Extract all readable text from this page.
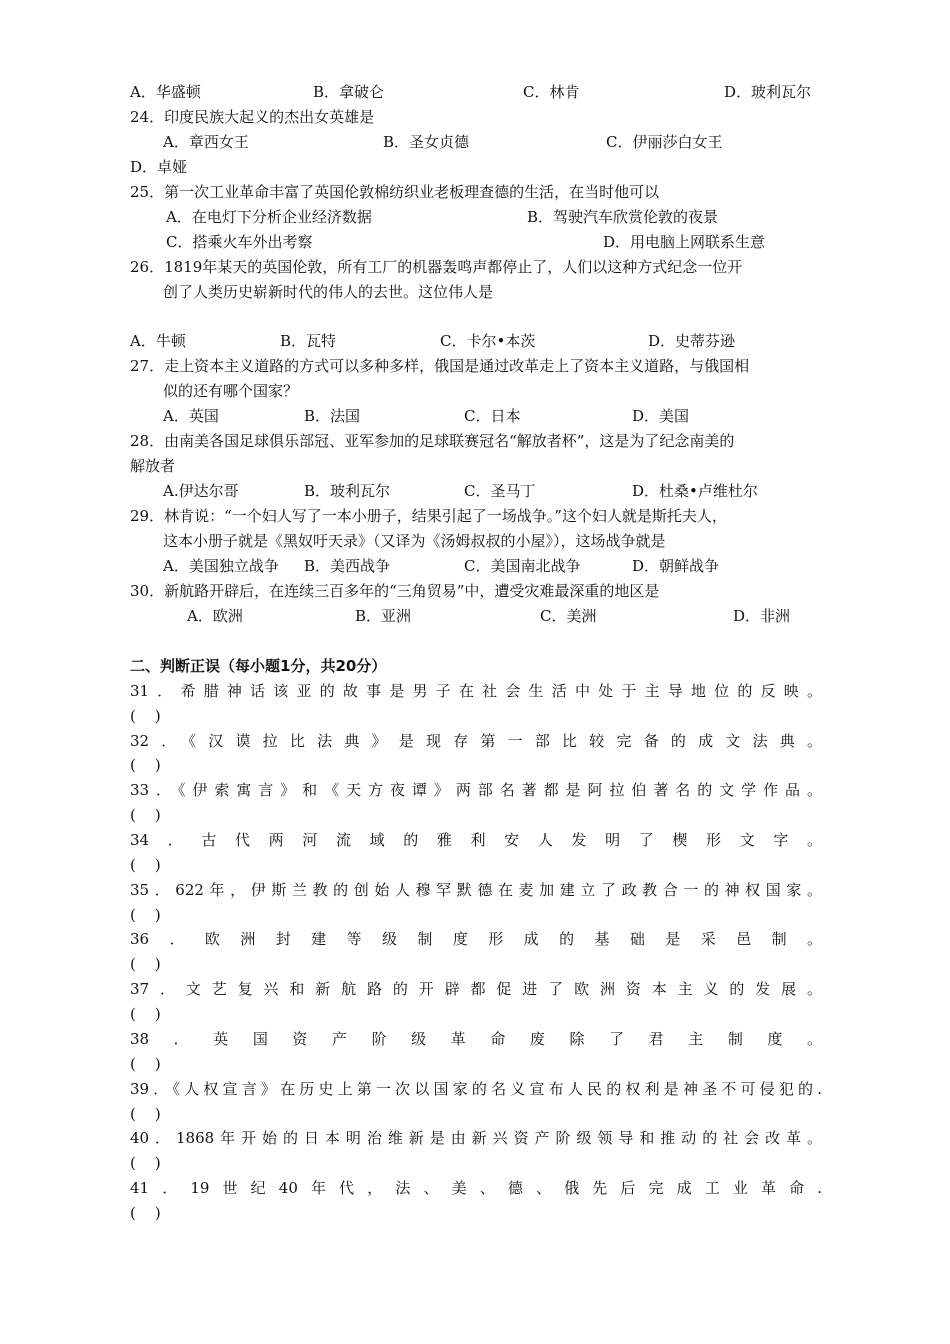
A．华盛顿	B．拿破仑	C．林肯	D．玻利瓦尔
24．印度民族大起义的杰出女英雄是
A．章西女王	B．圣女贞德	C．伊丽莎白女王
D．卓娅
25．第一次工业革命丰富了英国伦敦棉纺织业老板理查德的生活，在当时他可以
A．在电灯下分析企业经济数据	B．驾驶汽车欣赏伦敦的夜景
C．搭乘火车外出考察	D．用电脑上网联系生意
26．1819年某天的英国伦敦，所有工厂的机器轰鸣声都停止了，人们以这种方式纪念一位开
创了人类历史崭新时代的伟人的去世。这位伟人是
A．牛顿	B．瓦特	C．卡尔•本茨	D．史蒂芬逊
27．走上资本主义道路的方式可以多种多样，俄国是通过改革走上了资本主义道路，与俄国相
似的还有哪个国家？
A．英国	B．法国	C．日本	D．美国
28．由南美各国足球俱乐部冠、亚军参加的足球联赛冠名“解放者杯”，这是为了纪念南美的
解放者
A.伊达尔哥	B．玻利瓦尔	C．圣马丁	D．杜桑•卢维杜尔
29．林肯说：“一个妇人写了一本小册子，结果引起了一场战争。”这个妇人就是斯托夫人，
这本小册子就是《黑奴吁天录》（又译为《汤姆叔叔的小屋》），这场战争就是
A．美国独立战争 B．美西战争	C．美国南北战争	D．朝鲜战争
30．新航路开辟后，在连续三百多年的“三角贸易”中，遭受灾难最深重的地区是
A．欧洲	B．亚洲	C．美洲	D．非洲
二、判断正误（每小题1分，共20分）
31．希腊神话该亚的故事是男子在社会生活中处于主导地位的反映。
(    )
32．《汉谟拉比法典》是现存第一部比较完备的成文法典。
(    )
33．《伊索寓言》和《天方夜谭》两部名著都是阿拉伯著名的文学作品。
(    )
34．古代两河流域的雅利安人发明了楔形文字。
(    )
35．622年，伊斯兰教的创始人穆罕默德在麦加建立了政教合一的神权国家。
(    )
36．欧洲封建等级制度形成的基础是采邑制。
(    )
37．文艺复兴和新航路的开辟都促进了欧洲资本主义的发展。
(    )
38．英国资产阶级革命废除了君主制度。
(    )
39．《人权宣言》在历史上第一次以国家的名义宣布人民的权利是神圣不可侵犯的.
(    )
40．1868年开始的日本明治维新是由新兴资产阶级领导和推动的社会改革。
(    )
41．19世纪40年代，法、美、德、俄先后完成工业革命.
(    )
